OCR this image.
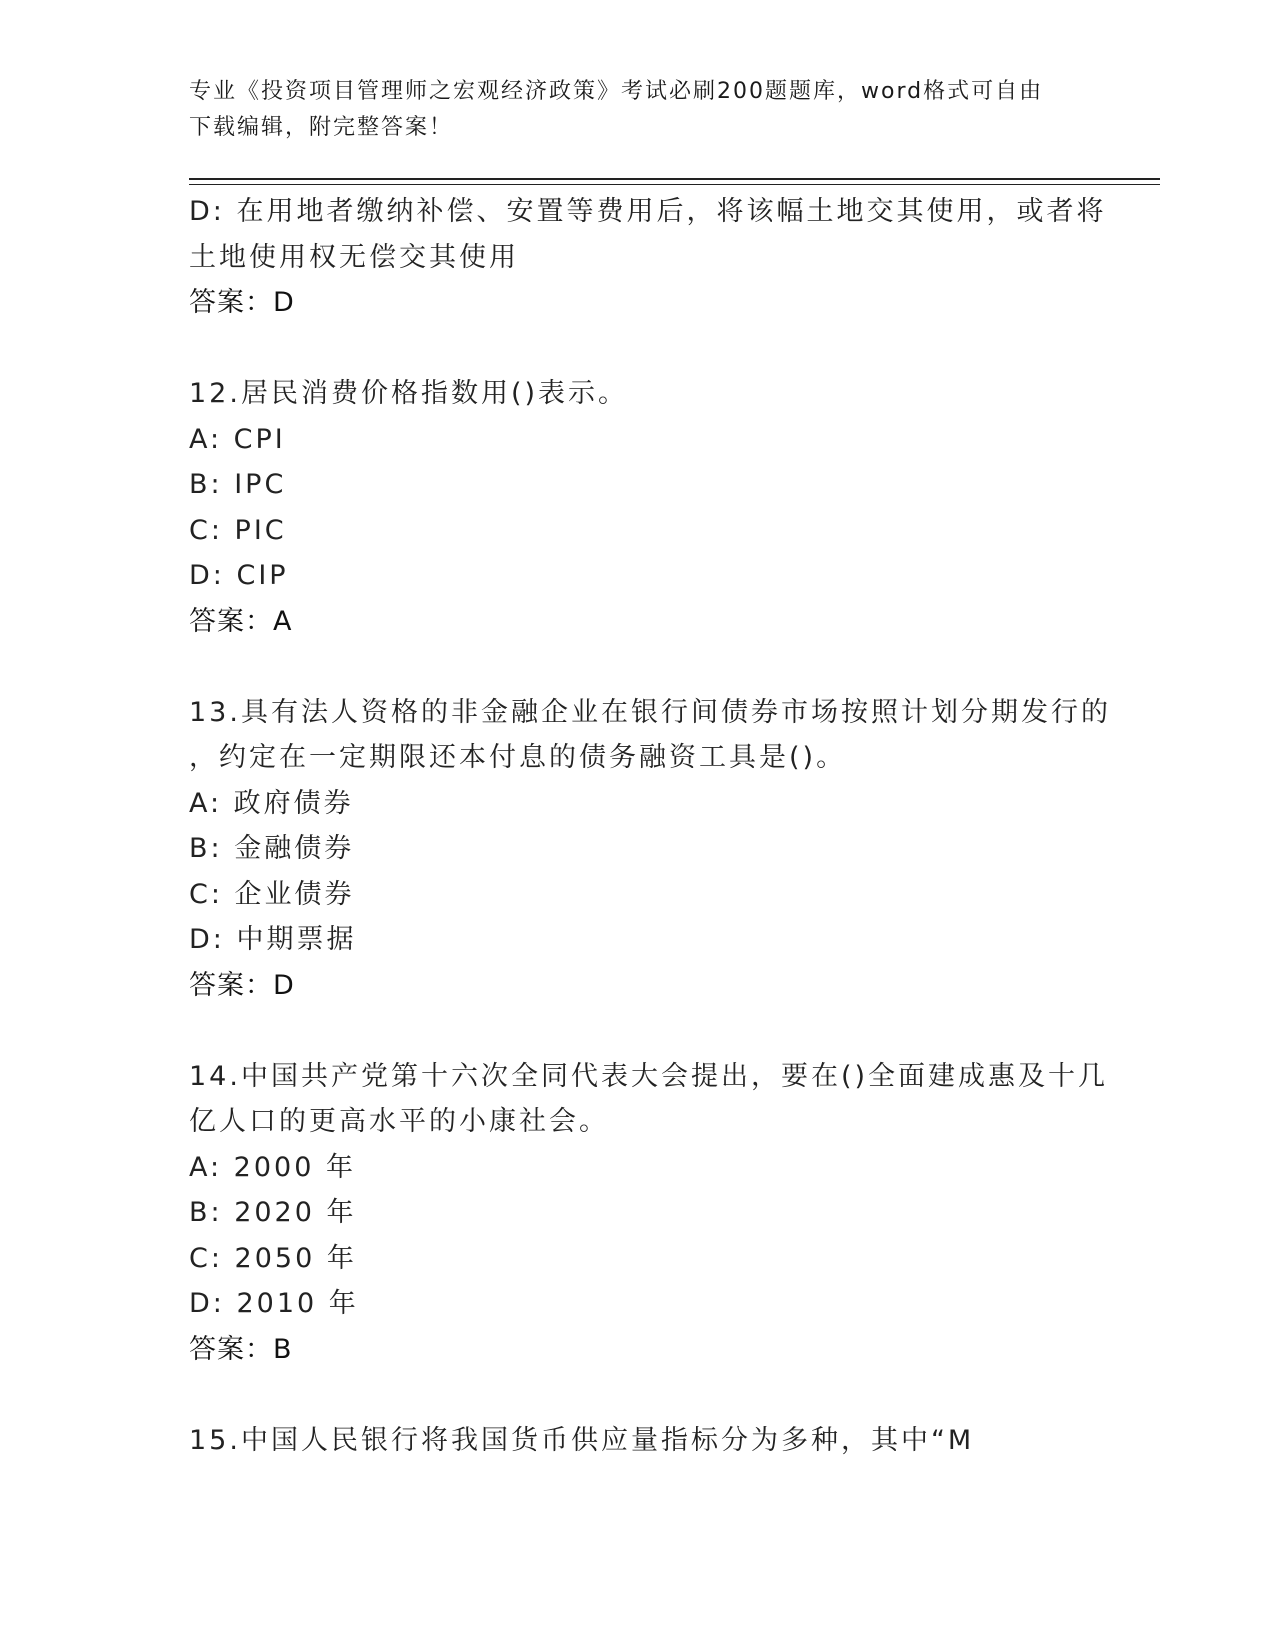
专业《投资项目管理师之宏观经济政策》考试必刷200题题库，word格式可自由
下载编辑，附完整答案！
D: 在用地者缴纳补偿、安置等费用后，将该幅土地交其使用，或者将
土地使用权无偿交其使用
答案：D
12.居民消费价格指数用()表示。
A: CPI
B: IPC
C: PIC
D: CIP
答案：A
13.具有法人资格的非金融企业在银行间债券市场按照计划分期发行的
，约定在一定期限还本付息的债务融资工具是()。
A: 政府债券
B: 金融债券
C: 企业债券
D: 中期票据
答案：D
14.中国共产党第十六次全同代表大会提出，要在()全面建成惠及十几
亿人口的更高水平的小康社会。
A: 2000 年
B: 2020 年
C: 2050 年
D: 2010 年
答案：B
15.中国人民银行将我国货币供应量指标分为多种，其中“M
